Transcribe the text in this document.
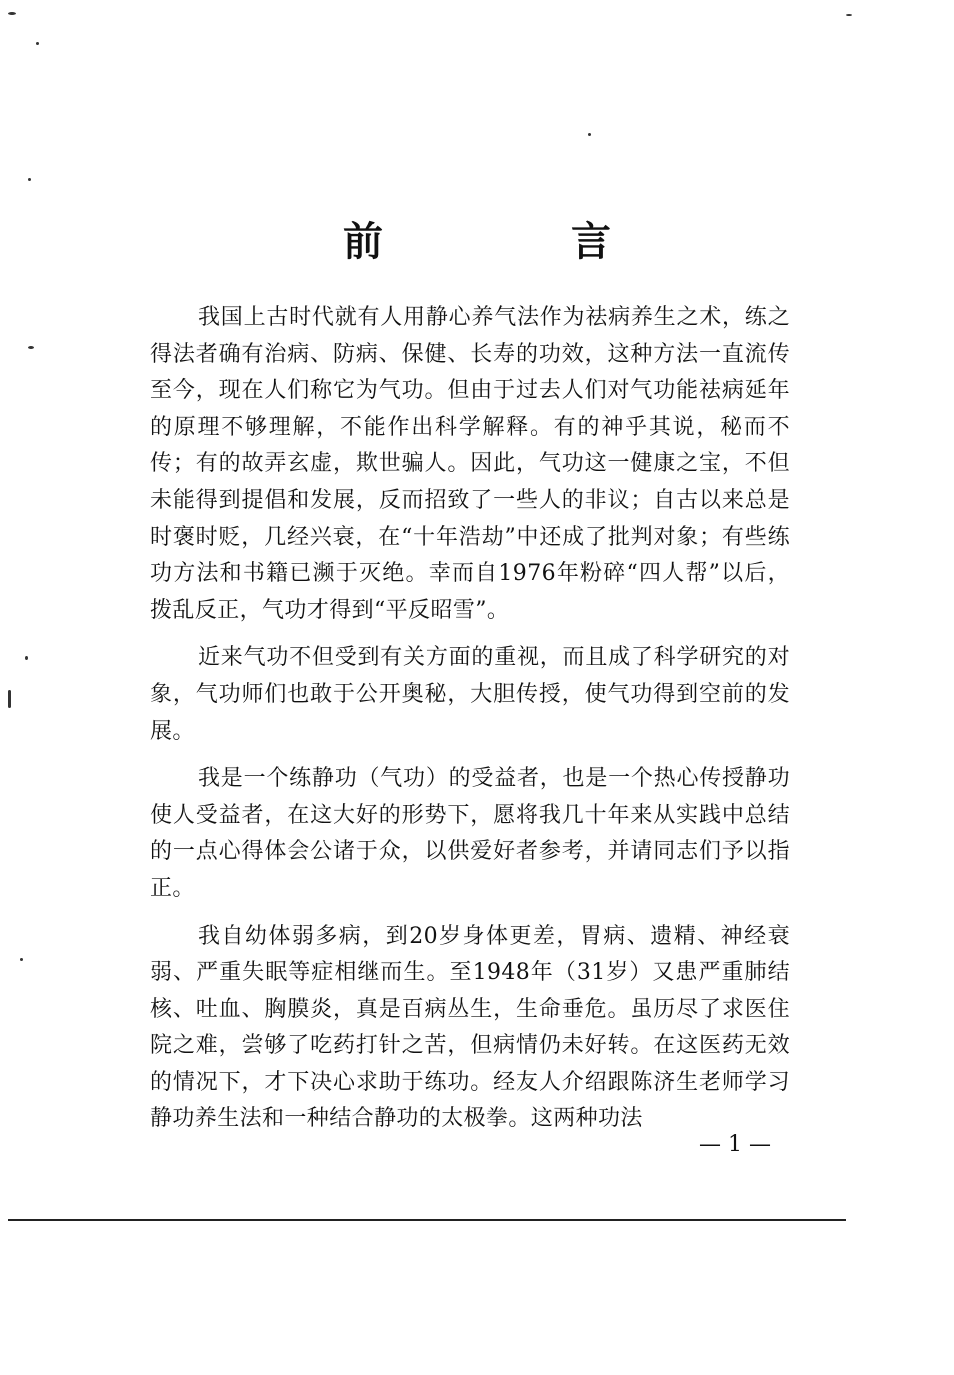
前　言

我国上古时代就有人用静心养气法作为祛病养生之术，练之得法者确有治病、防病、保健、长寿的功效，这种方法一直流传至今，现在人们称它为气功。但由于过去人们对气功能祛病延年的原理不够理解，不能作出科学解释。有的神乎其说，秘而不传；有的故弄玄虚，欺世骗人。因此，气功这一健康之宝，不但未能得到提倡和发展，反而招致了一些人的非议；自古以来总是时褒时贬，几经兴衰，在“十年浩劫”中还成了批判对象；有些练功方法和书籍已濒于灭绝。幸而自1976年粉碎“四人帮”以后，拨乱反正，气功才得到“平反昭雪”。

近来气功不但受到有关方面的重视，而且成了科学研究的对象，气功师们也敢于公开奥秘，大胆传授，使气功得到空前的发展。

我是一个练静功（气功）的受益者，也是一个热心传授静功使人受益者，在这大好的形势下，愿将我几十年来从实践中总结的一点心得体会公诸于众，以供爱好者参考，并请同志们予以指正。

我自幼体弱多病，到20岁身体更差，胃病、遗精、神经衰弱、严重失眠等症相继而生。至1948年（31岁）又患严重肺结核、吐血、胸膜炎，真是百病丛生，生命垂危。虽历尽了求医住院之难，尝够了吃药打针之苦，但病情仍未好转。在这医药无效的情况下，才下决心求助于练功。经友人介绍跟陈济生老师学习静功养生法和一种结合静功的太极拳。这两种功法

— 1 —
